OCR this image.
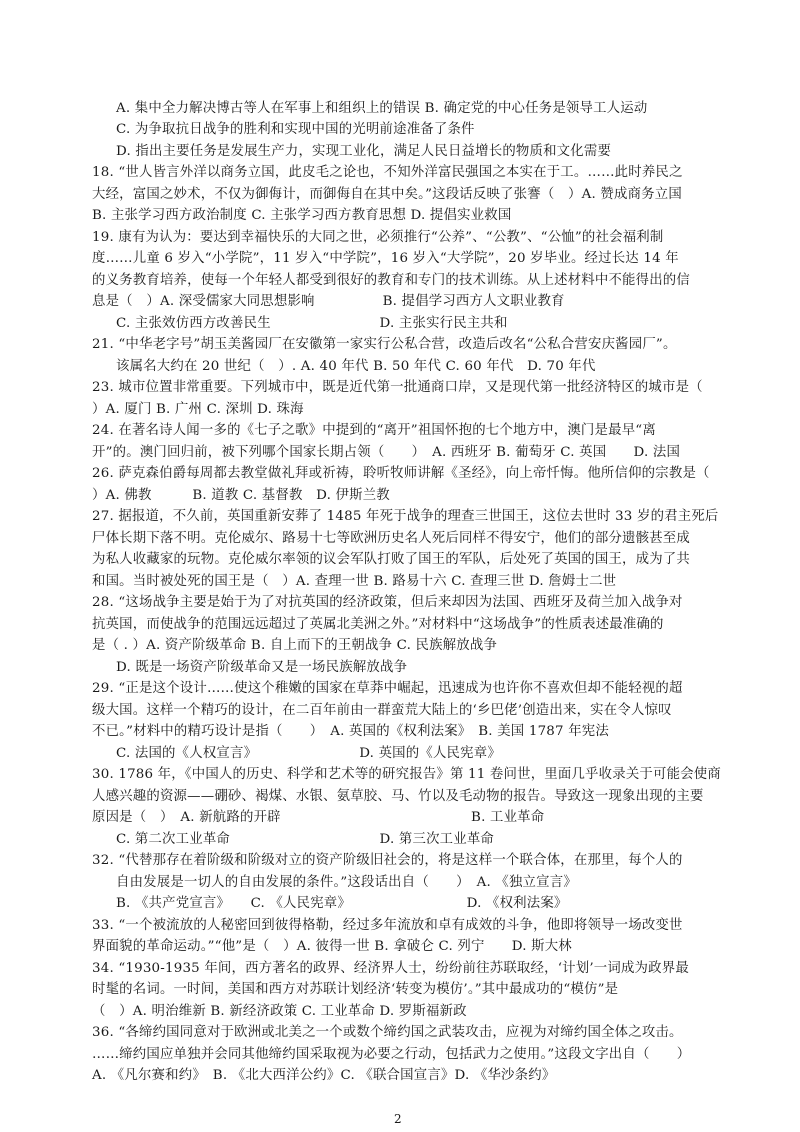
A. 集中全力解决博古等人在军事上和组织上的错误 B. 确定党的中心任务是领导工人运动
C. 为争取抗日战争的胜利和实现中国的光明前途准备了条件
D. 指出主要任务是发展生产力，实现工业化，满足人民日益增长的物质和文化需要
18. “世人皆言外洋以商务立国，此皮毛之论也，不知外洋富民强国之本实在于工。……此时养民之
大经，富国之妙术，不仅为御侮计，而御侮自在其中矣。”这段话反映了张謇（　）A. 赞成商务立国
B. 主张学习西方政治制度 C. 主张学习西方教育思想 D. 提倡实业救国
19. 康有为认为：要达到幸福快乐的大同之世，必须推行“公养”、“公教”、“公恤”的社会福利制
度……儿童 6 岁入“小学院”，11 岁入“中学院”，16 岁入“大学院”，20 岁毕业。经过长达 14 年
的义务教育培养，使每一个年轻人都受到很好的教育和专门的技术训练。从上述材料中不能得出的信
息是（　）A. 深受儒家大同思想影响　　　　　B. 提倡学习西方人文职业教育
C. 主张效仿西方改善民生　　　　　　　　D. 主张实行民主共和
21. “中华老字号”胡玉美酱园厂在安徽第一家实行公私合营，改造后改名“公私合营安庆酱园厂”。
该属名大约在 20 世纪（　）. A. 40 年代 B. 50 年代 C. 60 年代　D. 70 年代
23. 城市位置非常重要。下列城市中，既是近代第一批通商口岸，又是现代第一批经济特区的城市是（
）A. 厦门 B. 广州 C. 深圳 D. 珠海
24. 在著名诗人闻一多的《七子之歌》中提到的“离开”祖国怀抱的七个地方中，澳门是最早“离
开”的。澳门回归前，被下列哪个国家长期占领（　　）　A. 西班牙 B. 葡萄牙 C. 英国　　D. 法国
26. 萨克森伯爵每周都去教堂做礼拜或祈祷，聆听牧师讲解《圣经》，向上帝忏悔。他所信仰的宗教是（
）A. 佛教　　　B. 道教 C. 基督教　D. 伊斯兰教
27. 据报道，不久前，英国重新安葬了 1485 年死于战争的理查三世国王，这位去世时 33 岁的君主死后
尸体长期下落不明。克伦威尔、路易十七等欧洲历史名人死后同样不得安宁，他们的部分遗骸甚至成
为私人收藏家的玩物。克伦威尔率领的议会军队打败了国王的军队，后处死了英国的国王，成为了共
和国。当时被处死的国王是（　）A. 查理一世 B. 路易十六 C. 查理三世 D. 詹姆士二世
28. “这场战争主要是始于为了对抗英国的经济政策，但后来却因为法国、西班牙及荷兰加入战争对
抗英国，而使战争的范围远远超过了英属北美洲之外。”对材料中“这场战争”的性质表述最准确的
是（ . ）A. 资产阶级革命 B. 自上而下的王朝战争 C. 民族解放战争
D. 既是一场资产阶级革命又是一场民族解放战争
29. “正是这个设计……使这个稚嫩的国家在草莽中崛起，迅速成为也许你不喜欢但却不能轻视的超
级大国。这样一个精巧的设计，在二百年前由一群蛮荒大陆上的‘乡巴佬’创造出来，实在令人惊叹
不已。”材料中的精巧设计是指（　　）　A. 英国的《权利法案》　B. 美国 1787 年宪法
C. 法国的《人权宣言》　　　　　　　　D. 英国的《人民宪章》
30. 1786 年，《中国人的历史、科学和艺术等的研究报告》第 11 卷问世，里面几乎收录关于可能会使商
人感兴趣的资源——硼砂、褐煤、水银、氨草胶、马、竹以及毛动物的报告。导致这一现象出现的主要
原因是（　）　A. 新航路的开辟　　　　　　　　　　　　　　B. 工业革命
C. 第二次工业革命　　　　　　　　　　　D. 第三次工业革命
32. “代替那存在着阶级和阶级对立的资产阶级旧社会的，将是这样一个联合体，在那里，每个人的
自由发展是一切人的自由发展的条件。”这段话出自（　　）　A. 《独立宣言》
B. 《共产党宣言》　　C. 《人民宪章》　　　　　　　　　D. 《权利法案》
33. “一个被流放的人秘密回到彼得格勒，经过多年流放和卓有成效的斗争，他即将领导一场改变世
界面貌的革命运动。”“他”是（　）A. 彼得一世 B. 拿破仑 C. 列宁　　D. 斯大林
34. “1930-1935 年间，西方著名的政界、经济界人士，纷纷前往苏联取经，‘计划’一词成为政界最
时髦的名词。一时间，美国和西方对苏联计划经济‘转变为模仿’。”其中最成功的“模仿”是
（　）A. 明治维新 B. 新经济政策 C. 工业革命 D. 罗斯福新政
36. “各缔约国同意对于欧洲或北美之一个或数个缔约国之武装攻击，应视为对缔约国全体之攻击。
……缔约国应单独并会同其他缔约国采取视为必要之行动，包括武力之使用。”这段文字出自（　　）
A. 《凡尔赛和约》　B. 《北大西洋公约》C. 《联合国宣言》D. 《华沙条约》
2
